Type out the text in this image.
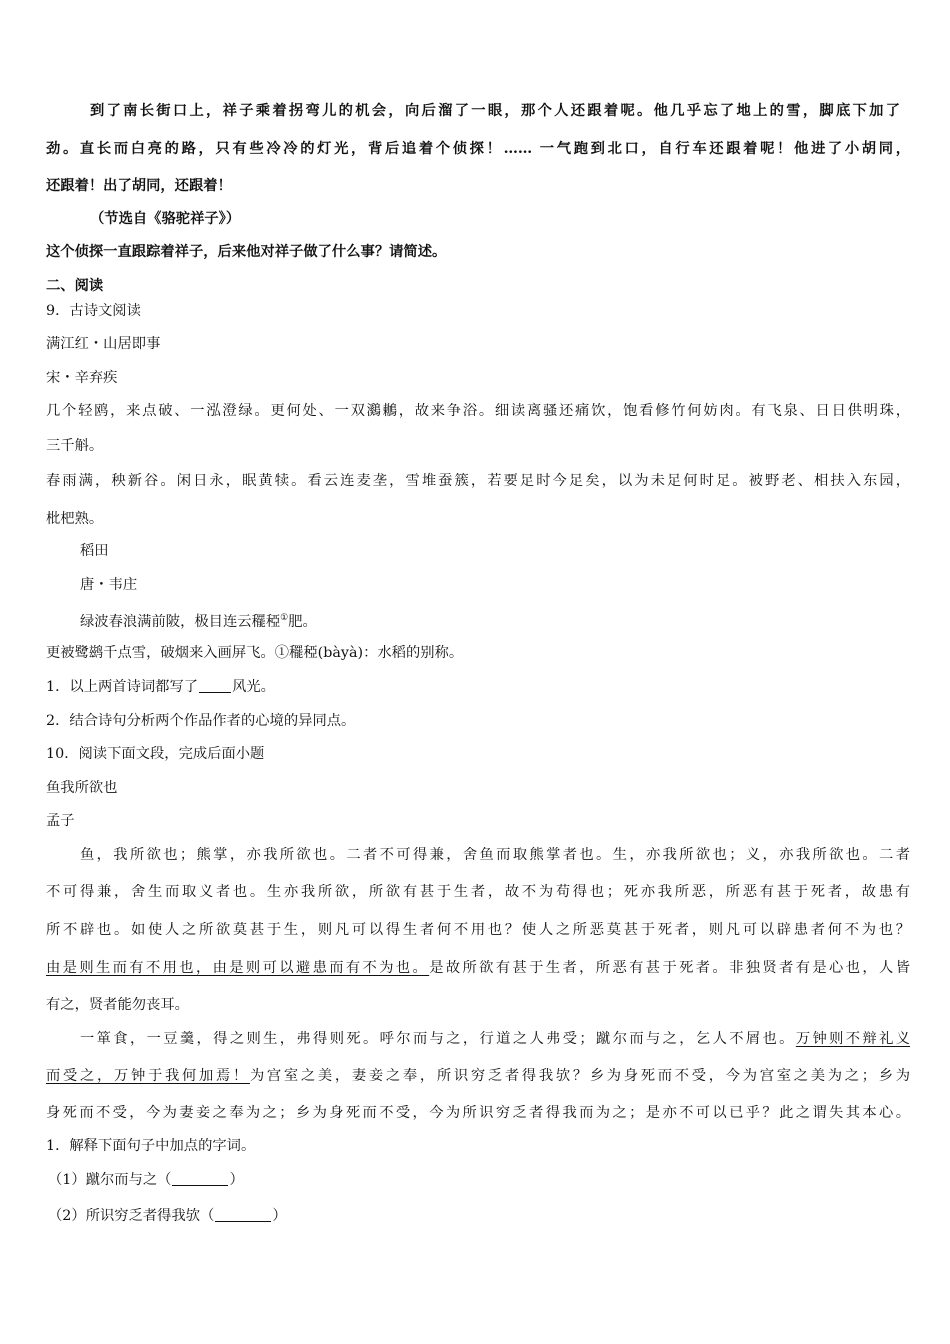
到了南长街口上，祥子乘着拐弯儿的机会，向后溜了一眼，那个人还跟着呢。他几乎忘了地上的雪，脚底下加了
劲。直长而白亮的路，只有些冷冷的灯光，背后追着个侦探！…… 一气跑到北口，自行车还跟着呢！他进了小胡同，
还跟着！出了胡同，还跟着！
（节选自《骆驼祥子》）
这个侦探一直跟踪着祥子，后来他对祥子做了什么事？请简述。
二、阅读
9．古诗文阅读
满江红・山居即事
宋・辛弃疾
几个轻鸥，来点破、一泓澄绿。更何处、一双鸂鶒，故来争浴。细读离骚还痛饮，饱看修竹何妨肉。有飞泉、日日供明珠，
三千斛。
春雨满，秧新谷。闲日永，眠黄犊。看云连麦垄，雪堆蚕簇，若要足时今足矣，以为未足何时足。被野老、相扶入东园，
枇杷熟。
稻田
唐・韦庄
绿波春浪满前陂，极目连云䆉稏①肥。
更被鹭鹚千点雪，破烟来入画屏飞。①䆉稏(bàyà)：水稻的别称。
1．以上两首诗词都写了 风光。
2．结合诗句分析两个作品作者的心境的异同点。
10．阅读下面文段，完成后面小题
鱼我所欲也
孟子
鱼，我所欲也；熊掌，亦我所欲也。二者不可得兼，舍鱼而取熊掌者也。生，亦我所欲也；义，亦我所欲也。二者
不可得兼，舍生而取义者也。生亦我所欲，所欲有甚于生者，故不为苟得也；死亦我所恶，所恶有甚于死者，故患有
所不辟也。如使人之所欲莫甚于生，则凡可以得生者何不用也？使人之所恶莫甚于死者，则凡可以辟患者何不为也？
由是则生而有不用也，由是则可以避患而有不为也。是故所欲有甚于生者，所恶有甚于死者。非独贤者有是心也，人皆
有之，贤者能勿丧耳。
一箪食，一豆羹，得之则生，弗得则死。呼尔而与之，行道之人弗受；蹴尔而与之，乞人不屑也。万钟则不辩礼义
而受之，万钟于我何加焉！为宫室之美，妻妾之奉，所识穷乏者得我欤？乡为身死而不受，今为宫室之美为之；乡为
身死而不受，今为妻妾之奉为之；乡为身死而不受，今为所识穷乏者得我而为之；是亦不可以已乎？此之谓失其本心。
1．解释下面句子中加点的字词。
（1）蹴尔而与之（	）
（2）所识穷乏者得我欤（	）
